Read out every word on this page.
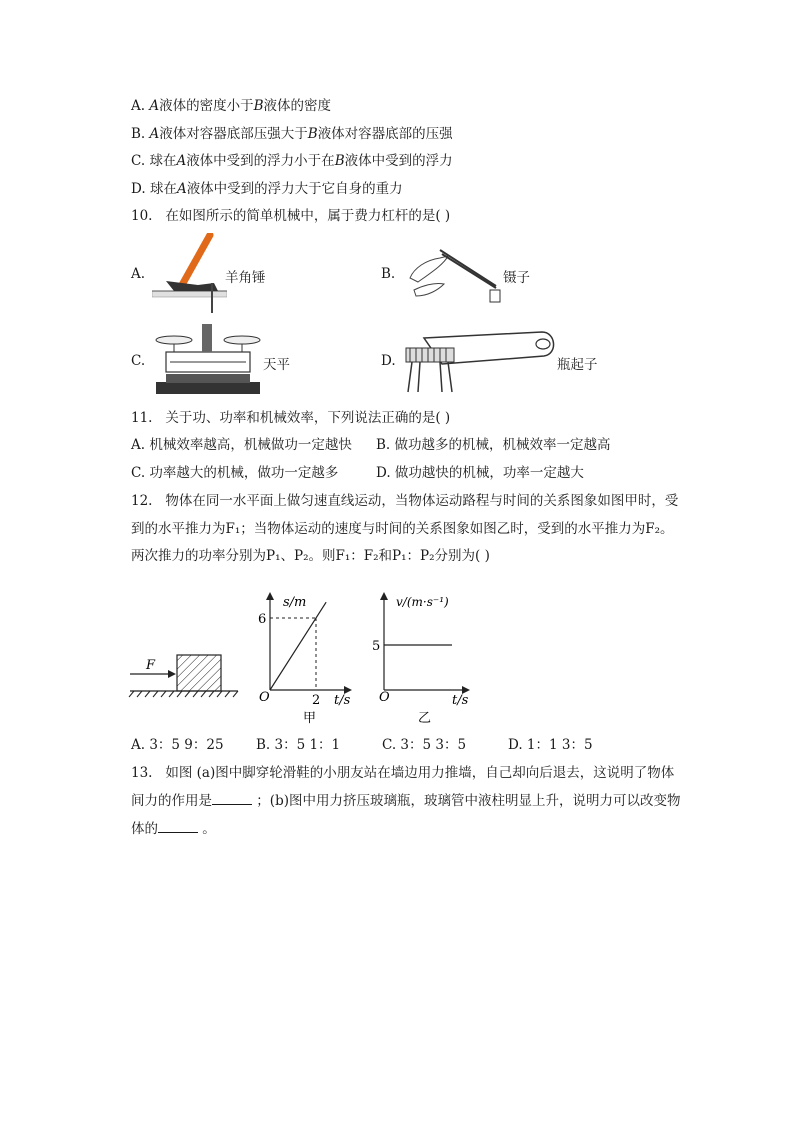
A. A液体的密度小于B液体的密度
B. A液体对容器底部压强大于B液体对容器底部的压强
C. 球在A液体中受到的浮力小于在B液体中受到的浮力
D. 球在A液体中受到的浮力大于它自身的重力
10. 在如图所示的简单机械中，属于费力杠杆的是( )
A.	羊角锤	B.	镊子
C.	天平	D.	瓶起子
11. 关于功、功率和机械效率，下列说法正确的是( )
A. 机械效率越高，机械做功一定越快 B. 做功越多的机械，机械效率一定越高
C. 功率越大的机械，做功一定越多	D. 做功越快的机械，功率一定越大
12. 物体在同一水平面上做匀速直线运动，当物体运动路程与时间的关系图象如图甲时，受
到的水平推力为F₁；当物体运动的速度与时间的关系图象如图乙时，受到的水平推力为F₂。
两次推力的功率分别为P₁、P₂。则F₁：F₂和P₁：P₂分别为( )
F
s/m
6
2
O	t/s
甲
v/(m·s⁻¹)
5
O	t/s
乙
A. 3：5 9：25 B. 3：5 1：1	C. 3：5 3：5	D. 1：1 3：5
13. 如图 (a)图中脚穿轮滑鞋的小朋友站在墙边用力推墙，自己却向后退去，这说明了物体
间力的作用是	；(b)图中用力挤压玻璃瓶，玻璃管中液柱明显上升，说明力可以改变物
体的	。
